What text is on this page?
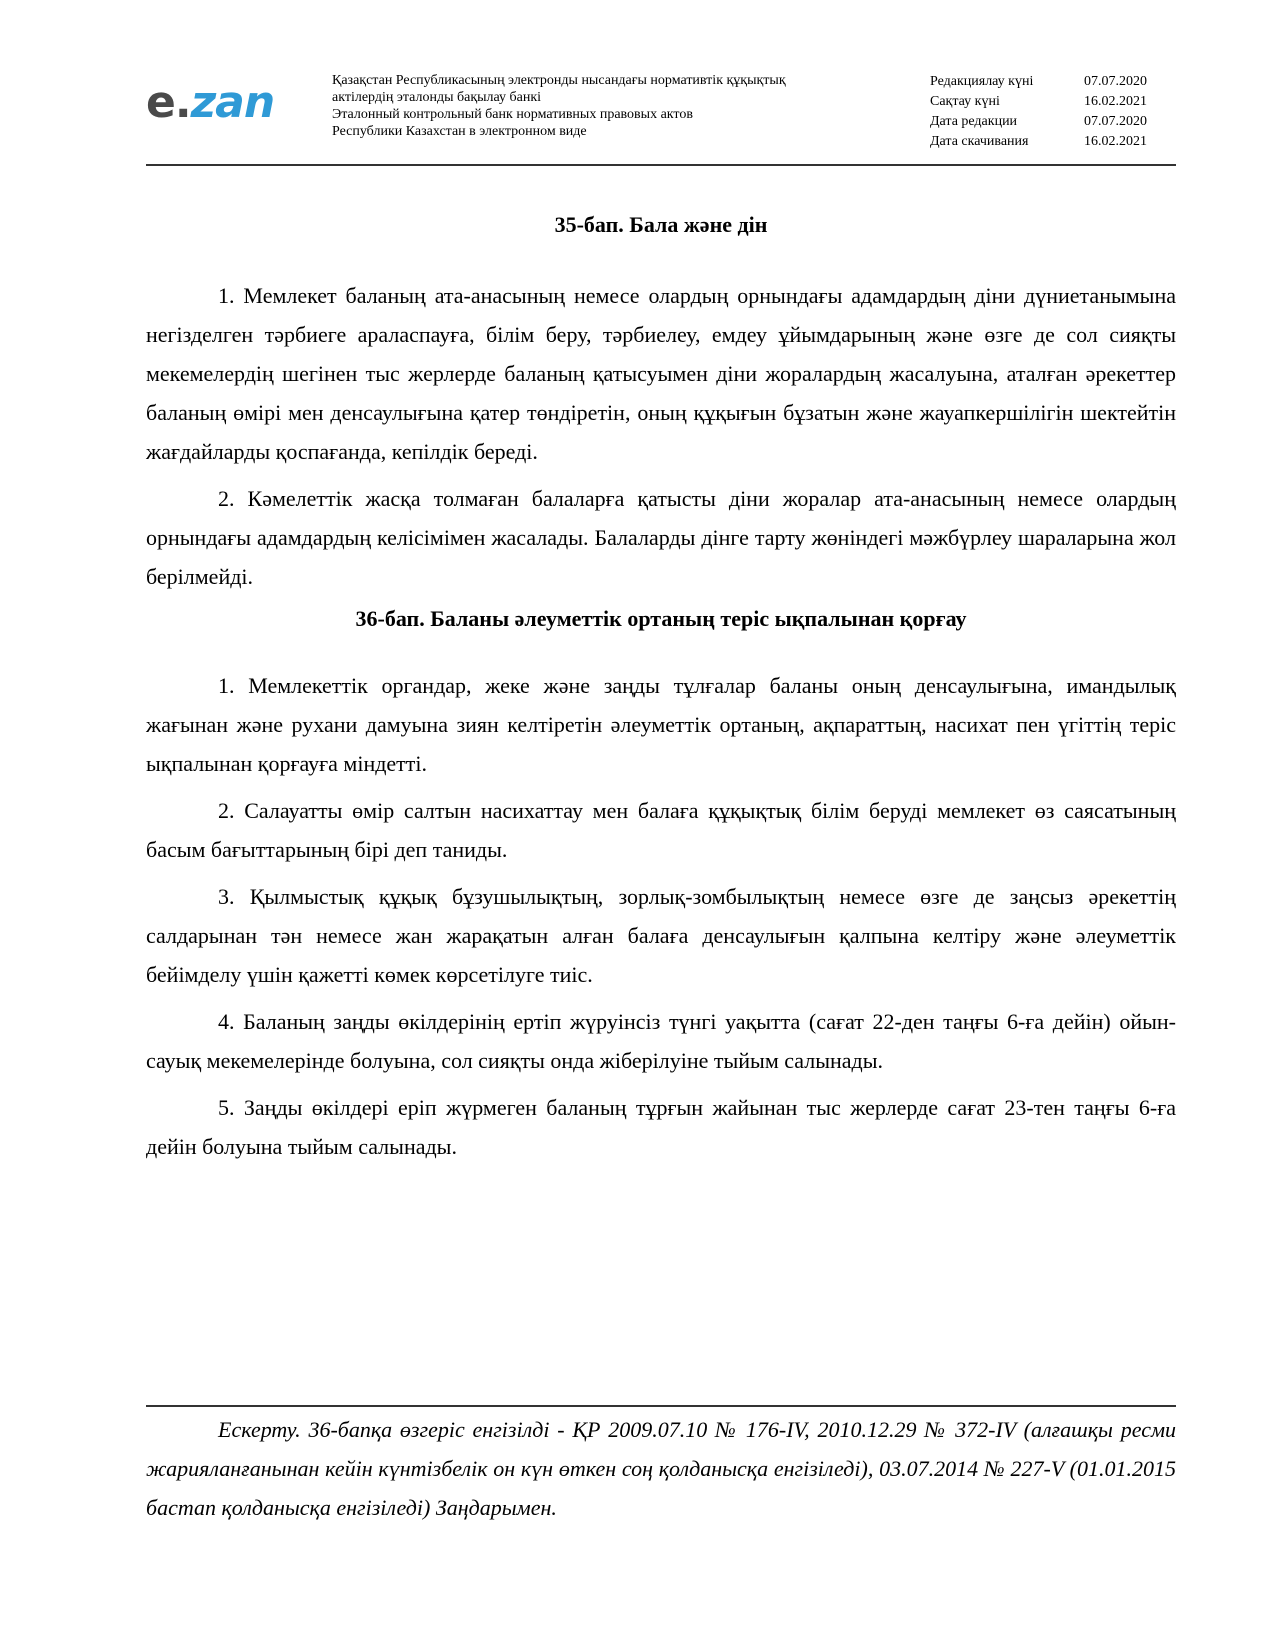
e.zan	Қазақстан Республикасының электронды нысандағы нормативтік құқықтық
актілердің эталонды бақылау банкі
Эталонный контрольный банк нормативных правовых актов
Республики Казахстан в электронном виде
Редакциялау күні	07.07.2020
Сақтау күні	16.02.2021
Дата редакции	07.07.2020
Дата скачивания	16.02.2021
35-бап. Бала және дін

1. Мемлекет баланың ата-анасының немесе олардың орнындағы адамдардың діни дүниетанымына негізделген тәрбиеге араласпауға, білім беру, тәрбиелеу, емдеу ұйымдарының және өзге де сол сияқты мекемелердің шегінен тыс жерлерде баланың қатысуымен діни жоралардың жасалуына, аталған әрекеттер баланың өмірі мен денсаулығына қатер төндіретін, оның құқығын бұзатын және жауапкершілігін шектейтін жағдайларды қоспағанда, кепілдік береді.

2. Кәмелеттік жасқа толмаған балаларға қатысты діни жоралар ата-анасының немесе олардың орнындағы адамдардың келісімімен жасалады. Балаларды дінге тарту жөніндегі мәжбүрлеу шараларына жол берілмейді.

36-бап. Баланы әлеуметтік ортаның теріс ықпалынан қорғау

1. Мемлекеттік органдар, жеке және заңды тұлғалар баланы оның денсаулығына, имандылық жағынан және рухани дамуына зиян келтіретін әлеуметтік ортаның, ақпараттың, насихат пен үгіттің теріс ықпалынан қорғауға міндетті.

2. Салауатты өмір салтын насихаттау мен балаға құқықтық білім беруді мемлекет өз саясатының басым бағыттарының бірі деп таниды.

3. Қылмыстық құқық бұзушылықтың, зорлық-зомбылықтың немесе өзге де заңсыз әрекеттің салдарынан тән немесе жан жарақатын алған балаға денсаулығын қалпына келтіру және әлеуметтік бейімделу үшін қажетті көмек көрсетілуге тиіс.

4. Баланың заңды өкілдерінің ертіп жүруінсіз түнгі уақытта (сағат 22-ден таңғы 6-ға дейін) ойын-сауық мекемелерінде болуына, сол сияқты онда жіберілуіне тыйым салынады.

5. Заңды өкілдері еріп жүрмеген баланың тұрғын жайынан тыс жерлерде сағат 23-тен таңғы 6-ға дейін болуына тыйым салынады.

Ескерту. 36-бапқа өзгеріс енгізілді - ҚР 2009.07.10 № 176-IV, 2010.12.29 № 372-IV (алғашқы ресми жарияланғанынан кейін күнтізбелік он күн өткен соң қолданысқа енгізіледі), 03.07.2014 № 227-V (01.01.2015 бастап қолданысқа енгізіледі) Заңдарымен.
